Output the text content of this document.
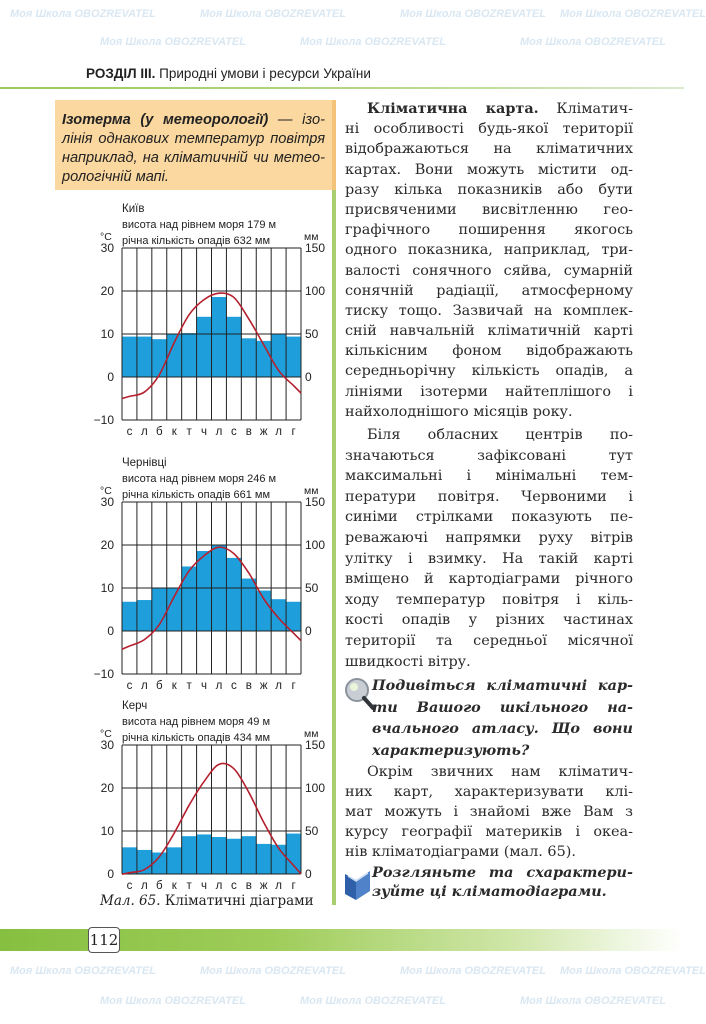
Моя Школа OBOZREVATEL	Моя Школа OBOZREVATEL	Моя Школа OBOZREVATEL Моя Школа OBOZREVATEL
Моя Школа OBOZREVATEL	Моя Школа OBOZREVATEL	Моя Школа OBOZREVATEL
Моя Школа OBOZREVATEL	Моя Школа OBOZREVATEL	Моя Школа OBOZREVATEL Моя Школа OBOZREVATEL
Моя Школа OBOZREVATEL	Моя Школа OBOZREVATEL	Моя Школа OBOZREVATEL
РОЗДІЛ III. Природні умови і ресурси України
Ізотерма (у метеорології) — ізо-
лінія однакових температур повітря
наприклад, на кліматичній чи метео-
рологічній мапі.
Кліматична карта. Кліматич-
ні особливості будь-якої території
відображаються на кліматичних
картах. Вони можуть містити од-
разу кілька показників або бути
присвяченими висвітленню гео-
графічного поширення якогось
одного показника, наприклад, три-
валості сонячного сяйва, сумарній
сонячній радіації, атмосферному
тиску тощо. Зазвичай на комплек-
сній навчальній кліматичній карті
кількісним фоном відображають
середньорічну кількість опадів, а
лініями ізотерми найтеплішого і
найхолоднішого місяців року.
Біля обласних центрів по-
значаються зафіксовані тут
максимальні і мінімальні тем-
ператури повітря. Червоними і
синіми стрілками показують пе-
реважаючі напрямки руху вітрів
улітку і взимку. На такій карті
вміщено й картодіаграми річного
ходу температур повітря і кіль-
кості опадів у різних частинах
території та середньої місячної
швидкості вітру.
Подивіться кліматичні кар-
ти Вашого шкільного на-
вчального атласу. Що вони
характеризують?
Окрім звичних нам кліматич-
них карт, характеризувати клі-
мат можуть і знайомі вже Вам з
курсу географії материків і океа-
нів кліматодіаграми (мал. 65).
Розгляньте та схарактери-
зуйте ці кліматодіаграми.
Київ
висота над рівнем моря 179 м
річна кількість опадів 632 мм
°C	мм
−10
0
10
20
30
0
50
100
150
с л б к т ч л с в ж л г
Чернівці
висота над рівнем моря 246 м
річна кількість опадів 661 мм
°C	мм
−10
0
10
20
30
0
50
100
150
с л б к т ч л с в ж л г
Керч
висота над рівнем моря 49 м
річна кількість опадів 434 мм
°C	мм
0
10
20
30
0
50
100
150
с л б к т ч л с в ж л г
Мал. 65. Кліматичні діаграми
112
